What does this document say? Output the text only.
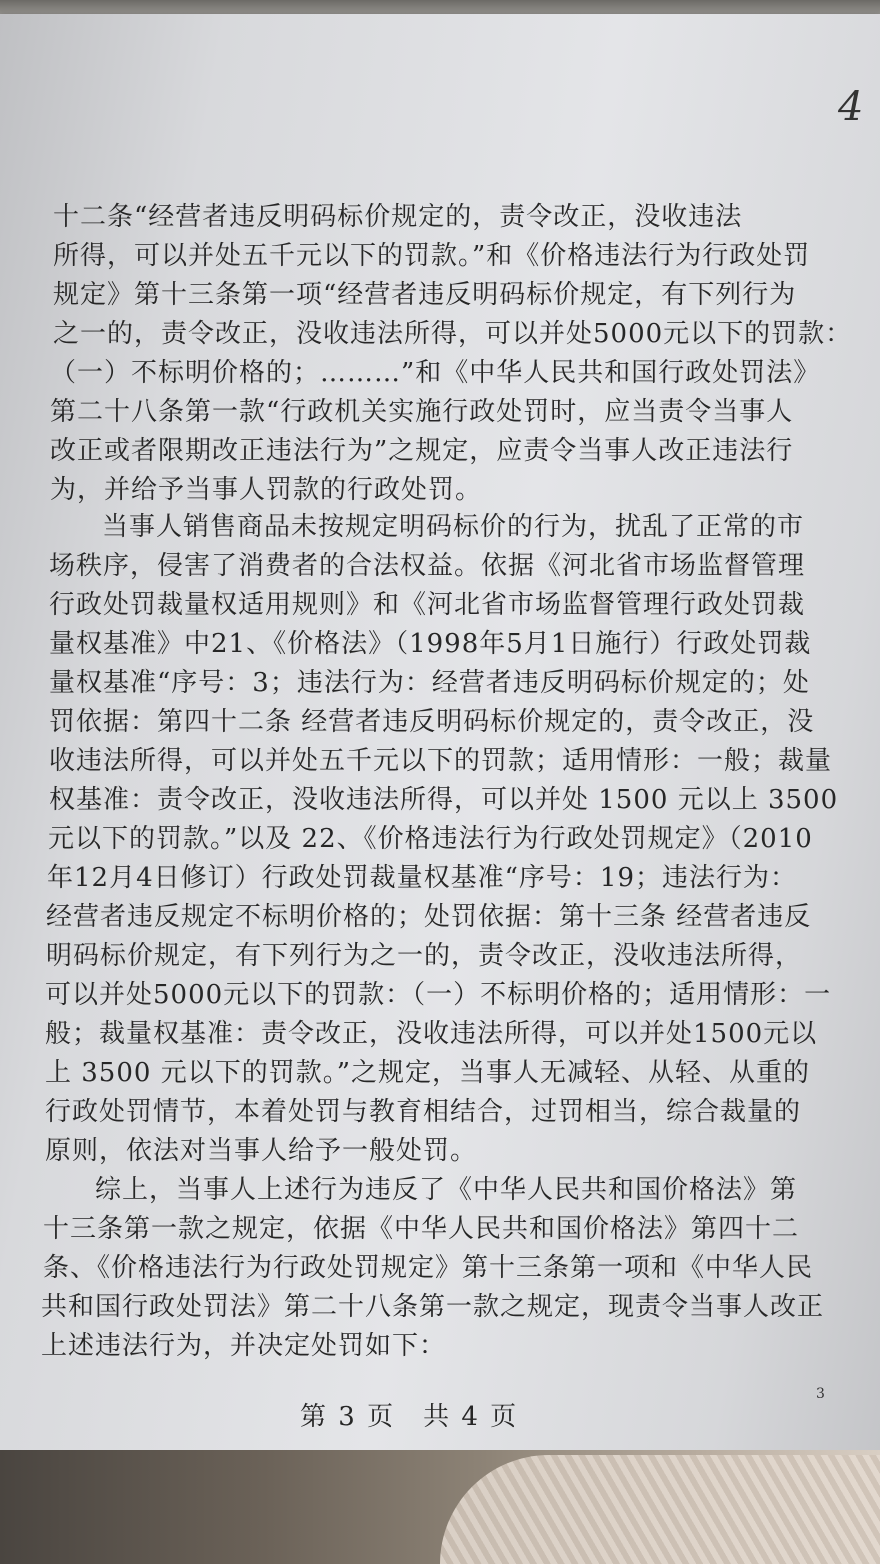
4
十二条“经营者违反明码标价规定的，责令改正，没收违法
所得，可以并处五千元以下的罚款。”和《价格违法行为行政处罚
规定》第十三条第一项“经营者违反明码标价规定，有下列行为
之一的，责令改正，没收违法所得，可以并处5000元以下的罚款：
（一）不标明价格的；………”和《中华人民共和国行政处罚法》
第二十八条第一款“行政机关实施行政处罚时，应当责令当事人
改正或者限期改正违法行为”之规定，应责令当事人改正违法行
为，并给予当事人罚款的行政处罚。
当事人销售商品未按规定明码标价的行为，扰乱了正常的市
场秩序，侵害了消费者的合法权益。依据《河北省市场监督管理
行政处罚裁量权适用规则》和《河北省市场监督管理行政处罚裁
量权基准》中21、《价格法》（1998年5月1日施行）行政处罚裁
量权基准“序号：3；违法行为：经营者违反明码标价规定的；处
罚依据：第四十二条 经营者违反明码标价规定的，责令改正，没
收违法所得，可以并处五千元以下的罚款；适用情形：一般；裁量
权基准：责令改正，没收违法所得，可以并处 1500 元以上 3500
元以下的罚款。”以及 22、《价格违法行为行政处罚规定》（2010
年12月4日修订）行政处罚裁量权基准“序号：19；违法行为：
经营者违反规定不标明价格的；处罚依据：第十三条 经营者违反
明码标价规定，有下列行为之一的，责令改正，没收违法所得，
可以并处5000元以下的罚款：（一）不标明价格的；适用情形：一
般；裁量权基准：责令改正，没收违法所得，可以并处1500元以
上 3500 元以下的罚款。”之规定，当事人无减轻、从轻、从重的
行政处罚情节，本着处罚与教育相结合，过罚相当，综合裁量的
原则，依法对当事人给予一般处罚。
综上，当事人上述行为违反了《中华人民共和国价格法》第
十三条第一款之规定，依据《中华人民共和国价格法》第四十二
条、《价格违法行为行政处罚规定》第十三条第一项和《中华人民
共和国行政处罚法》第二十八条第一款之规定，现责令当事人改正
上述违法行为，并决定处罚如下：
3
第 3 页　共 4 页
